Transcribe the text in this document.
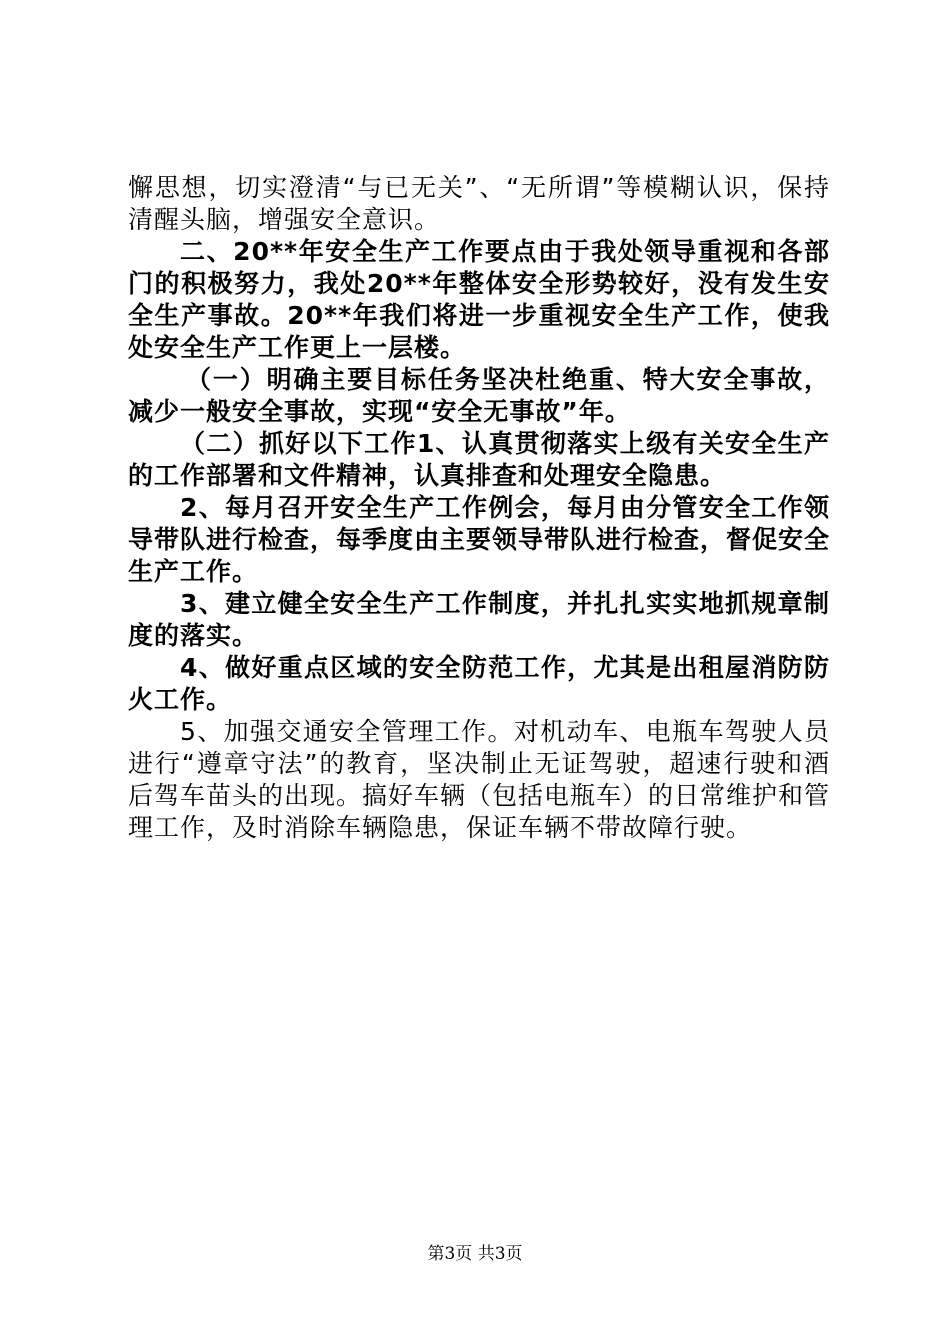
懈思想，切实澄清“与已无关”、“无所谓”等模糊认识，保持清醒头脑，增强安全意识。

二、20**年安全生产工作要点由于我处领导重视和各部门的积极努力，我处20**年整体安全形势较好，没有发生安全生产事故。20**年我们将进一步重视安全生产工作，使我处安全生产工作更上一层楼。

（一）明确主要目标任务坚决杜绝重、特大安全事故，减少一般安全事故，实现“安全无事故”年。

（二）抓好以下工作1、认真贯彻落实上级有关安全生产的工作部署和文件精神，认真排查和处理安全隐患。

2、每月召开安全生产工作例会，每月由分管安全工作领导带队进行检查，每季度由主要领导带队进行检查，督促安全生产工作。

3、建立健全安全生产工作制度，并扎扎实实地抓规章制度的落实。

4、做好重点区域的安全防范工作，尤其是出租屋消防防火工作。

5、加强交通安全管理工作。对机动车、电瓶车驾驶人员进行“遵章守法”的教育，坚决制止无证驾驶，超速行驶和酒后驾车苗头的出现。搞好车辆（包括电瓶车）的日常维护和管理工作，及时消除车辆隐患，保证车辆不带故障行驶。

第3页 共3页
